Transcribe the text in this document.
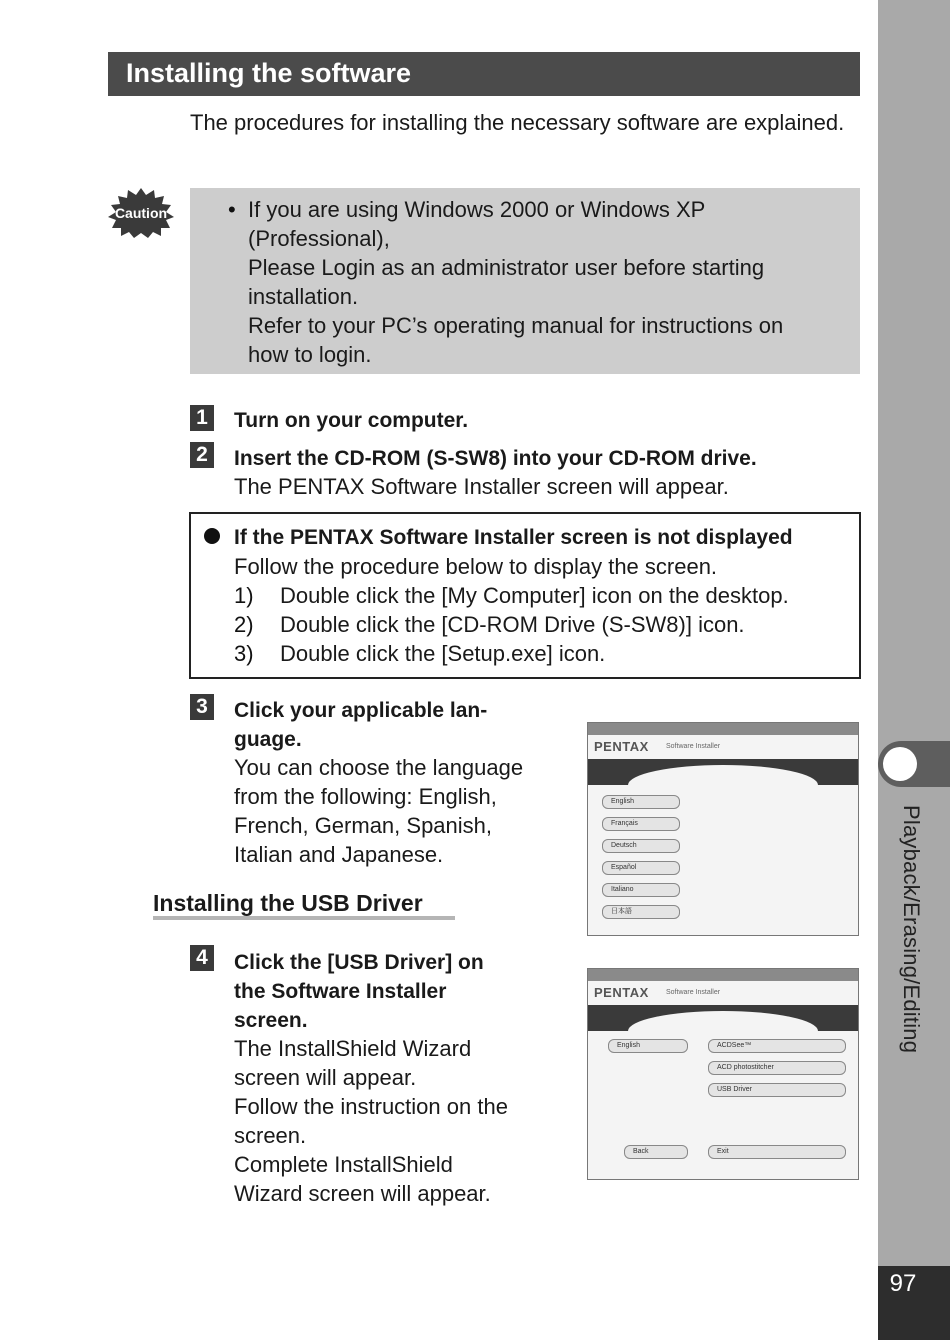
Playback/Erasing/Editing
97
Installing the software
The procedures for installing the necessary software are explained.
Caution	• If you are using Windows 2000 or Windows XP
(Professional),
Please Login as an administrator user before starting
installation.
Refer to your PC’s operating manual for instructions on
how to login.
1 Turn on your computer.
2 Insert the CD-ROM (S-SW8) into your CD-ROM drive.
The PENTAX Software Installer screen will appear.
If the PENTAX Software Installer screen is not displayed
Follow the procedure below to display the screen.
1) Double click the [My Computer] icon on the desktop.
2) Double click the [CD-ROM Drive (S-SW8)] icon.
3) Double click the [Setup.exe] icon.
3 Click your applicable lan-
guage.
You can choose the language
from the following: English,
French, German, Spanish,
Italian and Japanese.
Installing the USB Driver
4 Click the [USB Driver] on
the Software Installer
screen.
The InstallShield Wizard
screen will appear.
Follow the instruction on the
screen.
Complete InstallShield
Wizard screen will appear.
PENTAX Software Installer
English
Français
Deutsch
Español
Italiano
日本語
PENTAX Software Installer
English	ACDSee™
ACD photostitcher
USB Driver
Back	Exit
